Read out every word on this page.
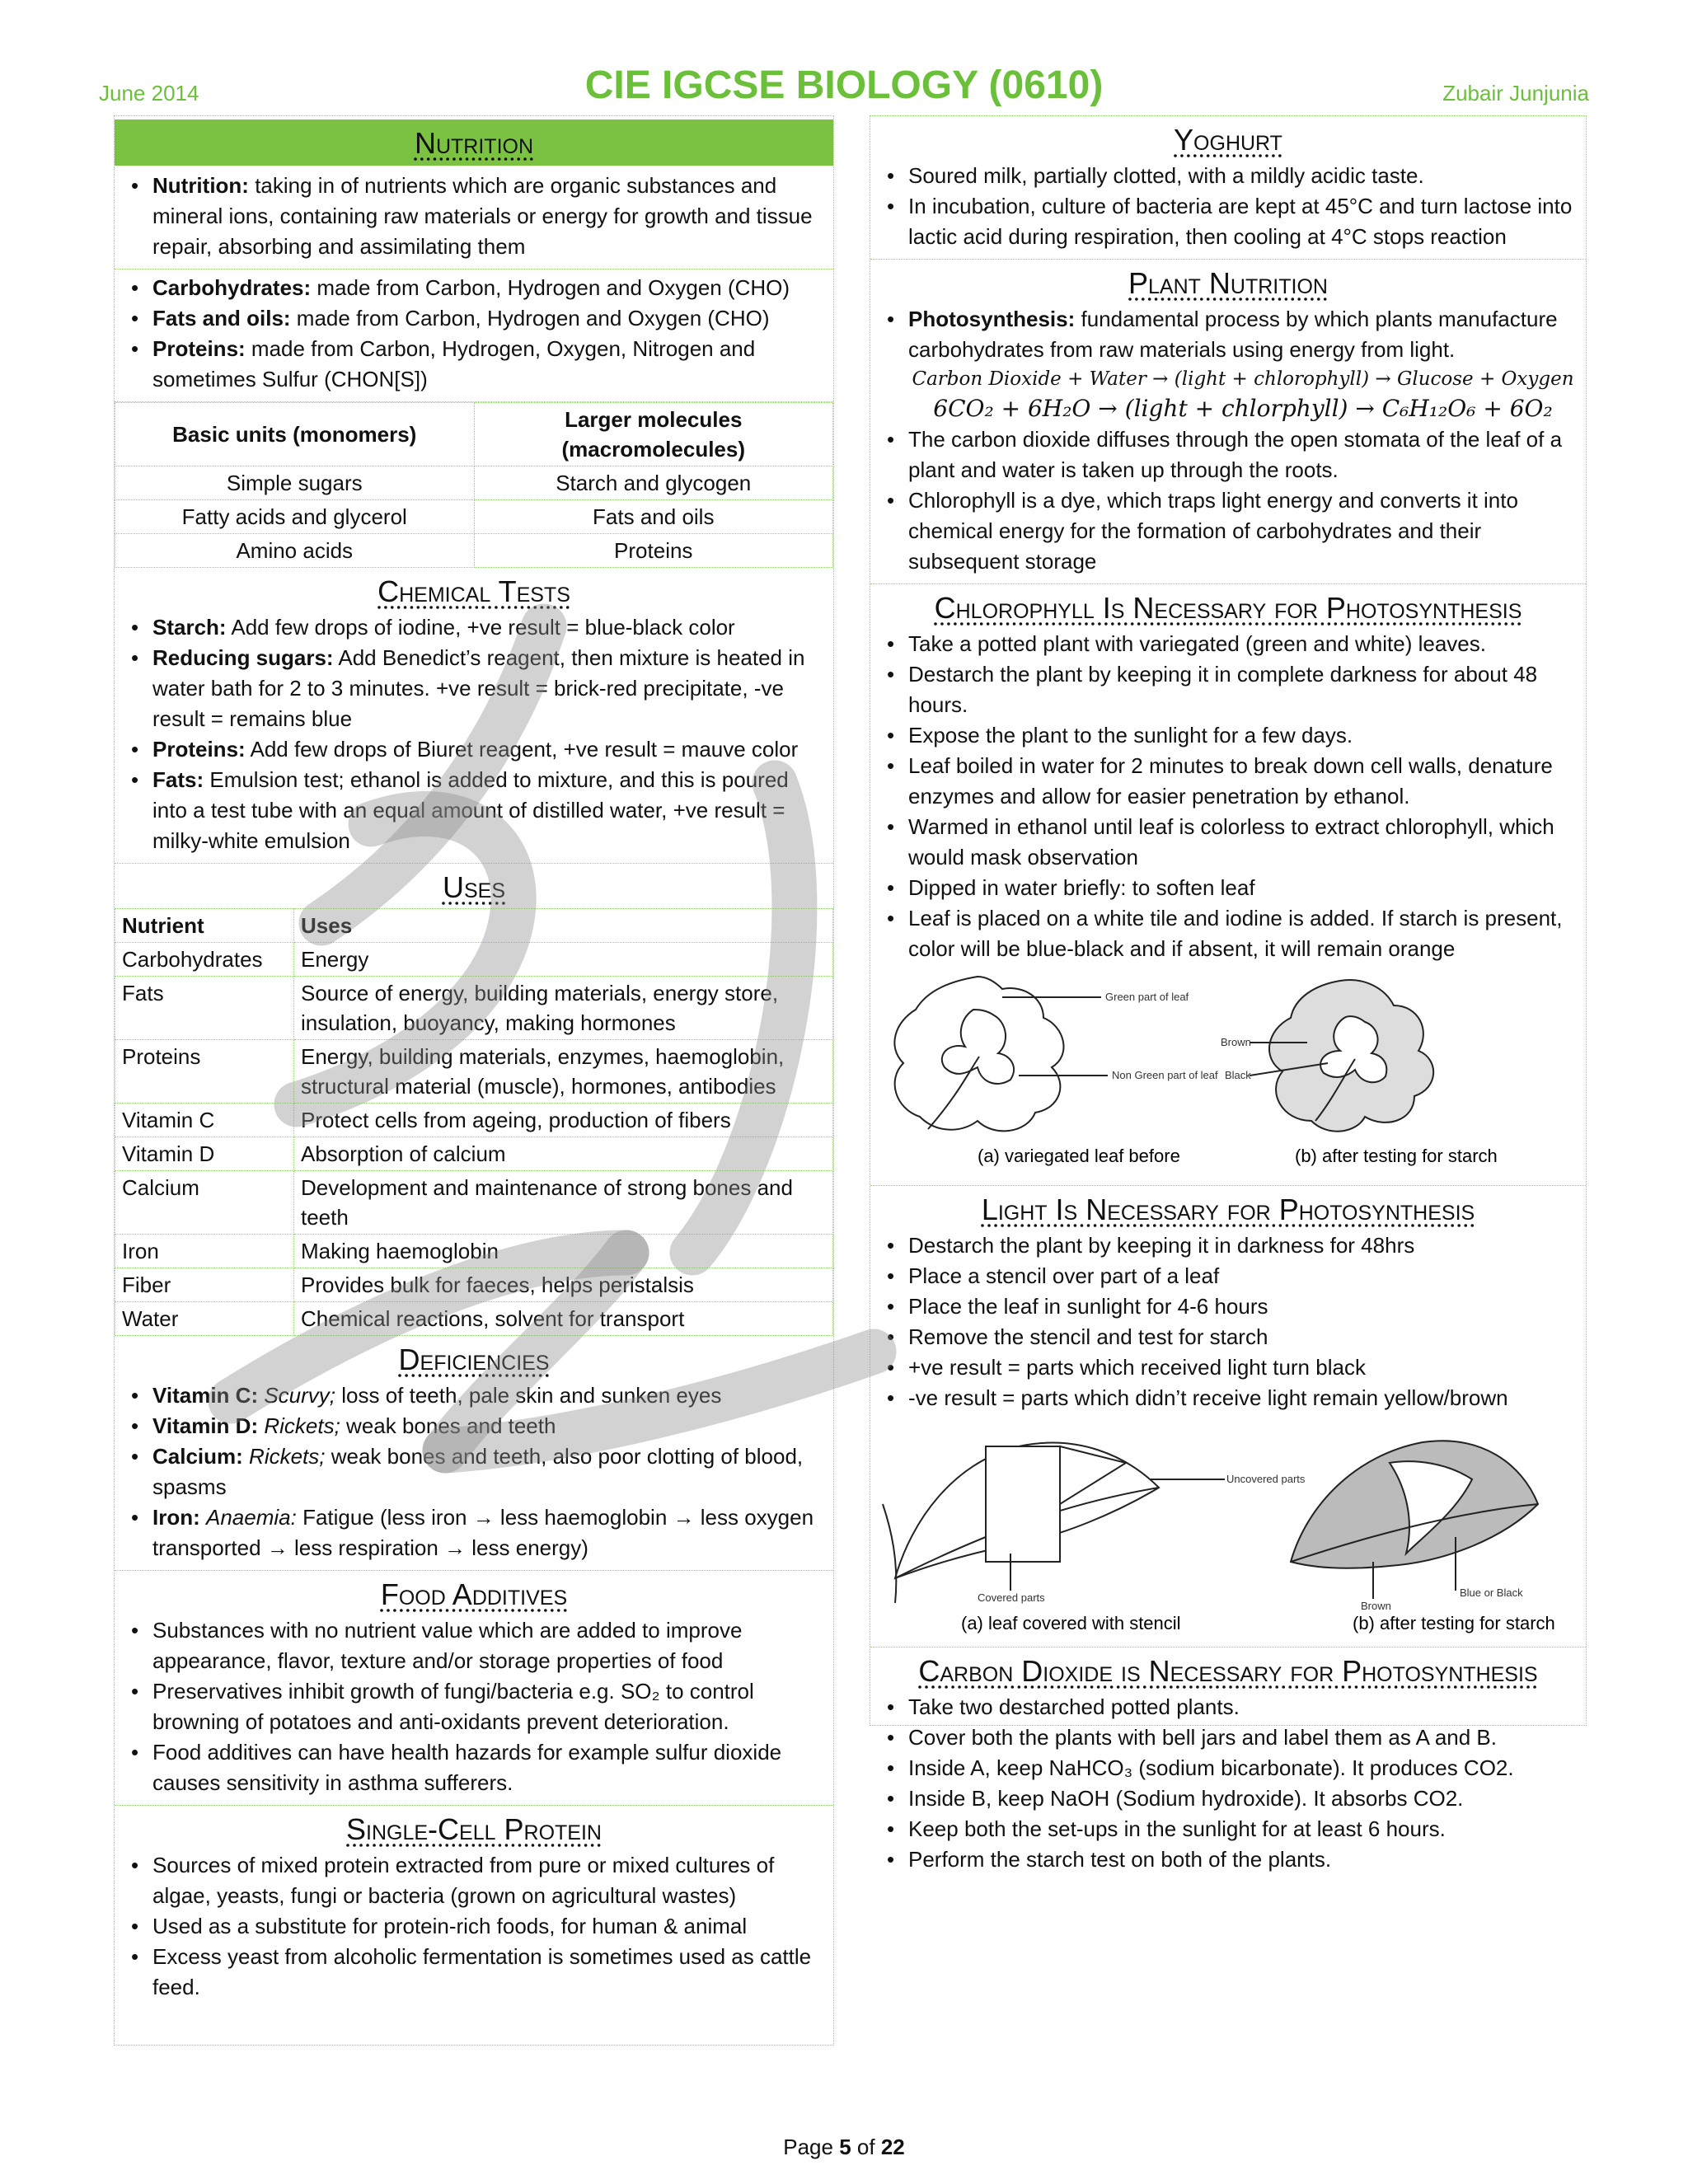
June 2014	CIE IGCSE BIOLOGY (0610)	Zubair Junjunia
Nutrition
• Nutrition: taking in of nutrients which are organic substances and mineral ions, containing raw materials or energy for growth and tissue repair, absorbing and assimilating them
• Carbohydrates: made from Carbon, Hydrogen and Oxygen (CHO)
• Fats and oils: made from Carbon, Hydrogen and Oxygen (CHO)
• Proteins: made from Carbon, Hydrogen, Oxygen, Nitrogen and sometimes Sulfur (CHON[S])
Basic units (monomers)	Larger molecules (macromolecules)
Simple sugars	Starch and glycogen
Fatty acids and glycerol	Fats and oils
Amino acids	Proteins
Chemical Tests
• Starch: Add few drops of iodine, +ve result = blue-black color
• Reducing sugars: Add Benedict’s reagent, then mixture is heated in water bath for 2 to 3 minutes. +ve result = brick-red precipitate, -ve result = remains blue
• Proteins: Add few drops of Biuret reagent, +ve result = mauve color
• Fats: Emulsion test; ethanol is added to mixture, and this is poured into a test tube with an equal amount of distilled water, +ve result = milky-white emulsion
Uses
Nutrient	Uses
Carbohydrates	Energy
Fats	Source of energy, building materials, energy store, insulation, buoyancy, making hormones
Proteins	Energy, building materials, enzymes, haemoglobin, structural material (muscle), hormones, antibodies
Vitamin C	Protect cells from ageing, production of fibers
Vitamin D	Absorption of calcium
Calcium	Development and maintenance of strong bones and teeth
Iron	Making haemoglobin
Fiber	Provides bulk for faeces, helps peristalsis
Water	Chemical reactions, solvent for transport
Deficiencies
• Vitamin C: Scurvy; loss of teeth, pale skin and sunken eyes
• Vitamin D: Rickets; weak bones and teeth
• Calcium: Rickets; weak bones and teeth, also poor clotting of blood, spasms
• Iron: Anaemia: Fatigue (less iron → less haemoglobin → less oxygen transported → less respiration → less energy)
Food Additives
• Substances with no nutrient value which are added to improve appearance, flavor, texture and/or storage properties of food
• Preservatives inhibit growth of fungi/bacteria e.g. SO₂ to control browning of potatoes and anti-oxidants prevent deterioration.
• Food additives can have health hazards for example sulfur dioxide causes sensitivity in asthma sufferers.
Single-Cell Protein
• Sources of mixed protein extracted from pure or mixed cultures of algae, yeasts, fungi or bacteria (grown on agricultural wastes)
• Used as a substitute for protein-rich foods, for human & animal
• Excess yeast from alcoholic fermentation is sometimes used as cattle feed.
Yoghurt
• Soured milk, partially clotted, with a mildly acidic taste.
• In incubation, culture of bacteria are kept at 45°C and turn lactose into lactic acid during respiration, then cooling at 4°C stops reaction
Plant Nutrition
• Photosynthesis: fundamental process by which plants manufacture carbohydrates from raw materials using energy from light.
Carbon Dioxide + Water → (light + chlorophyll) → Glucose + Oxygen
6CO₂ + 6H₂O → (light + chlorphyll) → C₆H₁₂O₆ + 6O₂
• The carbon dioxide diffuses through the open stomata of the leaf of a plant and water is taken up through the roots.
• Chlorophyll is a dye, which traps light energy and converts it into chemical energy for the formation of carbohydrates and their subsequent storage
Chlorophyll Is Necessary for Photosynthesis
• Take a potted plant with variegated (green and white) leaves.
• Destarch the plant by keeping it in complete darkness for about 48 hours.
• Expose the plant to the sunlight for a few days.
• Leaf boiled in water for 2 minutes to break down cell walls, denature enzymes and allow for easier penetration by ethanol.
• Warmed in ethanol until leaf is colorless to extract chlorophyll, which would mask observation
• Dipped in water briefly: to soften leaf
• Leaf is placed on a white tile and iodine is added. If starch is present, color will be blue-black and if absent, it will remain orange
Green part of leaf
Non Green part of leaf
Brown
Black
(a) variegated leaf before	(b) after testing for starch
Light Is Necessary for Photosynthesis
• Destarch the plant by keeping it in darkness for 48hrs
• Place a stencil over part of a leaf
• Place the leaf in sunlight for 4-6 hours
• Remove the stencil and test for starch
• +ve result = parts which received light turn black
• -ve result = parts which didn’t receive light remain yellow/brown
Uncovered parts
Covered parts
Brown
Blue or Black
(a) leaf covered with stencil	(b) after testing for starch
Carbon Dioxide is Necessary for Photosynthesis
• Take two destarched potted plants.
• Cover both the plants with bell jars and label them as A and B.
• Inside A, keep NaHCO₃ (sodium bicarbonate). It produces CO2.
• Inside B, keep NaOH (Sodium hydroxide). It absorbs CO2.
• Keep both the set-ups in the sunlight for at least 6 hours.
• Perform the starch test on both of the plants.
Page 5 of 22
